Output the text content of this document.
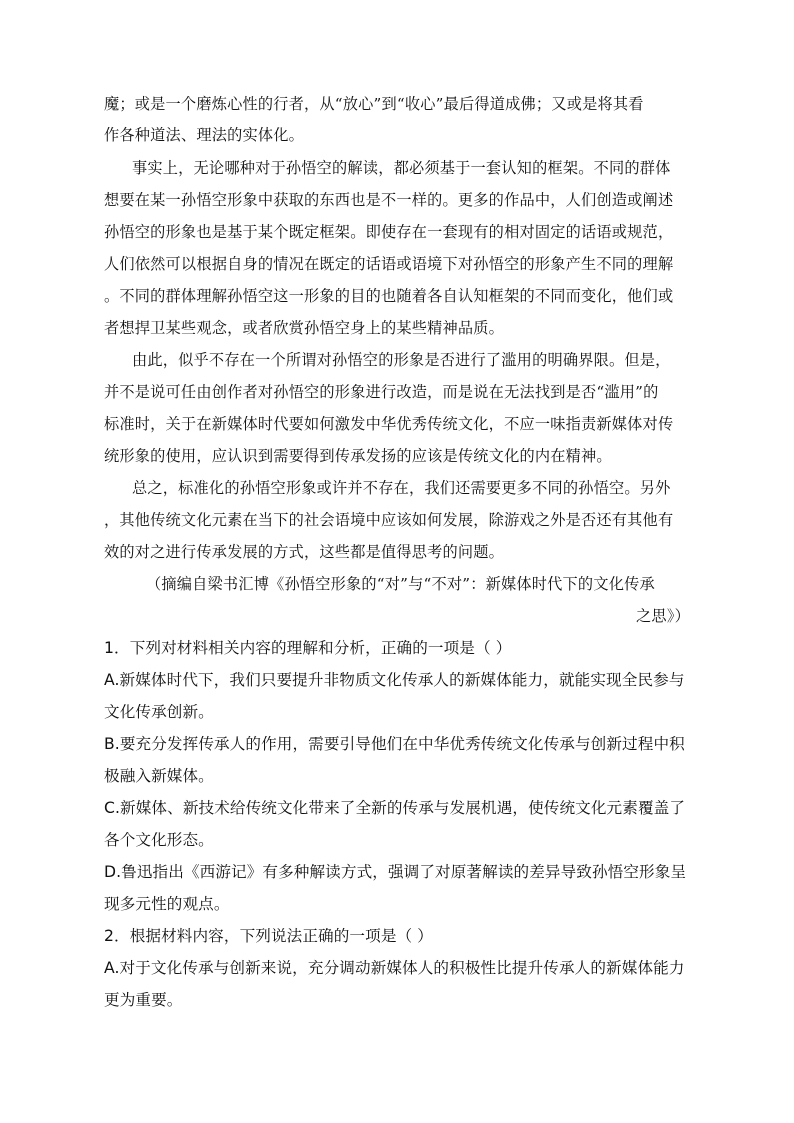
魔；或是一个磨炼心性的行者，从“放心”到“收心”最后得道成佛；又或是将其看
作各种道法、理法的实体化。
事实上，无论哪种对于孙悟空的解读，都必须基于一套认知的框架。不同的群体
想要在某一孙悟空形象中获取的东西也是不一样的。更多的作品中，人们创造或阐述
孙悟空的形象也是基于某个既定框架。即使存在一套现有的相对固定的话语或规范，
人们依然可以根据自身的情况在既定的话语或语境下对孙悟空的形象产生不同的理解
。不同的群体理解孙悟空这一形象的目的也随着各自认知框架的不同而变化，他们或
者想捍卫某些观念，或者欣赏孙悟空身上的某些精神品质。
由此，似乎不存在一个所谓对孙悟空的形象是否进行了滥用的明确界限。但是，
并不是说可任由创作者对孙悟空的形象进行改造，而是说在无法找到是否“滥用”的
标准时，关于在新媒体时代要如何激发中华优秀传统文化，不应一味指责新媒体对传
统形象的使用，应认识到需要得到传承发扬的应该是传统文化的内在精神。
总之，标准化的孙悟空形象或许并不存在，我们还需要更多不同的孙悟空。另外
，其他传统文化元素在当下的社会语境中应该如何发展，除游戏之外是否还有其他有
效的对之进行传承发展的方式，这些都是值得思考的问题。
（摘编自梁书汇博《孙悟空形象的“对”与“不对”：新媒体时代下的文化传承
之思》）
1．下列对材料相关内容的理解和分析，正确的一项是（ ）
A.新媒体时代下，我们只要提升非物质文化传承人的新媒体能力，就能实现全民参与
文化传承创新。
B.要充分发挥传承人的作用，需要引导他们在中华优秀传统文化传承与创新过程中积
极融入新媒体。
C.新媒体、新技术给传统文化带来了全新的传承与发展机遇，使传统文化元素覆盖了
各个文化形态。
D.鲁迅指出《西游记》有多种解读方式，强调了对原著解读的差异导致孙悟空形象呈
现多元性的观点。
2．根据材料内容，下列说法正确的一项是（ ）
A.对于文化传承与创新来说，充分调动新媒体人的积极性比提升传承人的新媒体能力
更为重要。
